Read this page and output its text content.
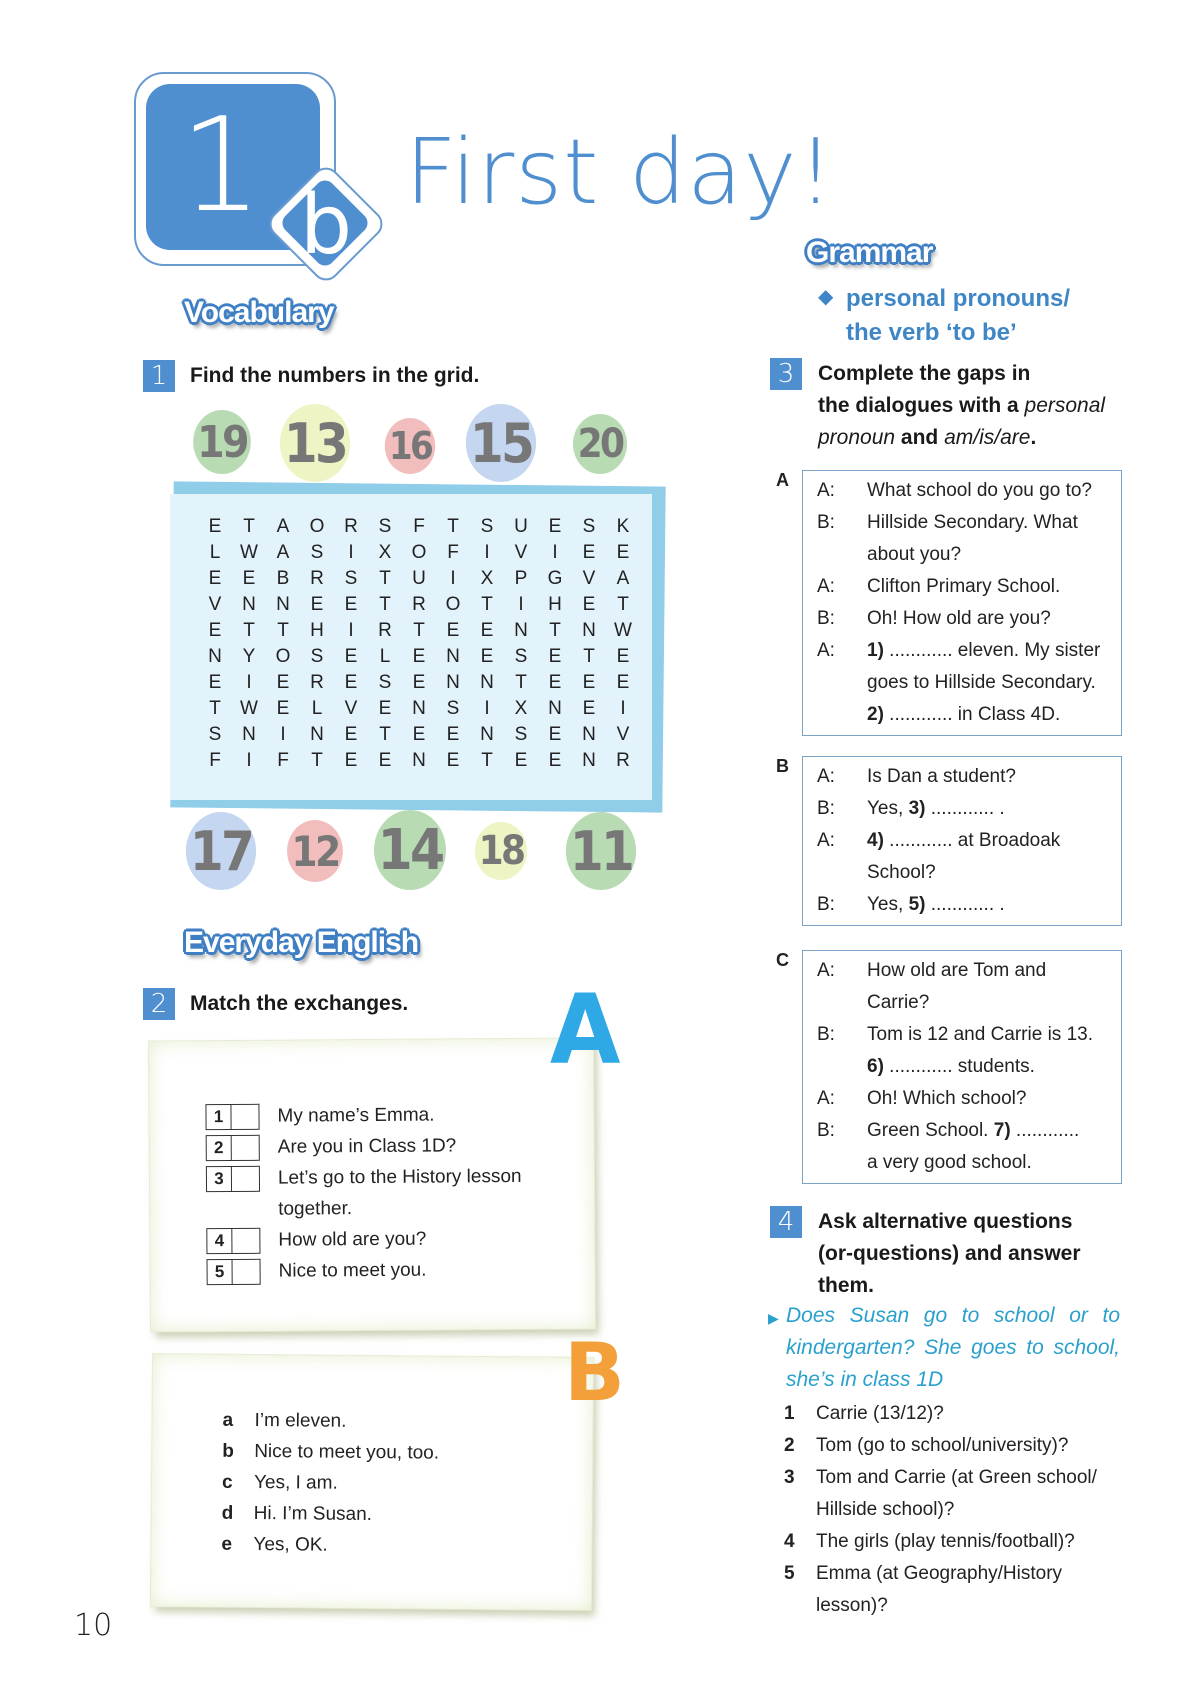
1 b
First day!
Vocabulary
1	Find the numbers in the grid.
19 13 16 15 20
E	T	A	O	R	S	F	T	S	U	E	S	K
L	W	A	S	I	X	O	F	I	V	I	E	E
E	E	B	R	S	T	U	I	X	P	G	V	A
V	N	N	E	E	T	R	O	T	I	H	E	T
E	T	T	H	I	R	T	E	E	N	T	N	W
N	Y	O	S	E	L	E	N	E	S	E	T	E
E	I	E	R	E	S	E	N	N	T	E	E	E
T	W	E	L	V	E	N	S	I	X	N	E	I
S	N	I	N	E	T	E	E	N	S	E	N	V
F	I	F	T	E	E	N	E	T	E	E	N	R
17 12 14 18 11
Everyday English
2	Match the exchanges.
1	My name’s Emma.
2	Are you in Class 1D?
3	Let’s go to the History lesson
together.
4	How old are you?
5	Nice to meet you.
A
a	I’m eleven.
b	Nice to meet you, too.
c	Yes, I am.
d	Hi. I’m Susan.
e	Yes, OK.
B
Grammar
◆ personal pronouns/
the verb ‘to be’
3	Complete the gaps in
the dialogues with a personal
pronoun and am/is/are.
A	A:	What school do you go to?
B:	Hillside Secondary. What
about you?
A:	Clifton Primary School.
B:	Oh! How old are you?
A:	1) ............ eleven. My sister
goes to Hillside Secondary.
2) ............ in Class 4D.
B	A:	Is Dan a student?
B:	Yes, 3) ............ .
A:	4) ............ at Broadoak
School?
B:	Yes, 5) ............ .
C	A:	How old are Tom and
Carrie?
B:	Tom is 12 and Carrie is 13.
6) ............ students.
A:	Oh! Which school?
B:	Green School. 7) ............
a very good school.
4	Ask alternative questions
(or-questions) and answer
them.
▶ Does Susan go to school or to kindergarten? She goes to school, she’s in class 1D
1	Carrie (13/12)?
2	Tom (go to school/university)?
3	Tom and Carrie (at Green school/
Hillside school)?
4	The girls (play tennis/football)?
5	Emma (at Geography/History
lesson)?
10
